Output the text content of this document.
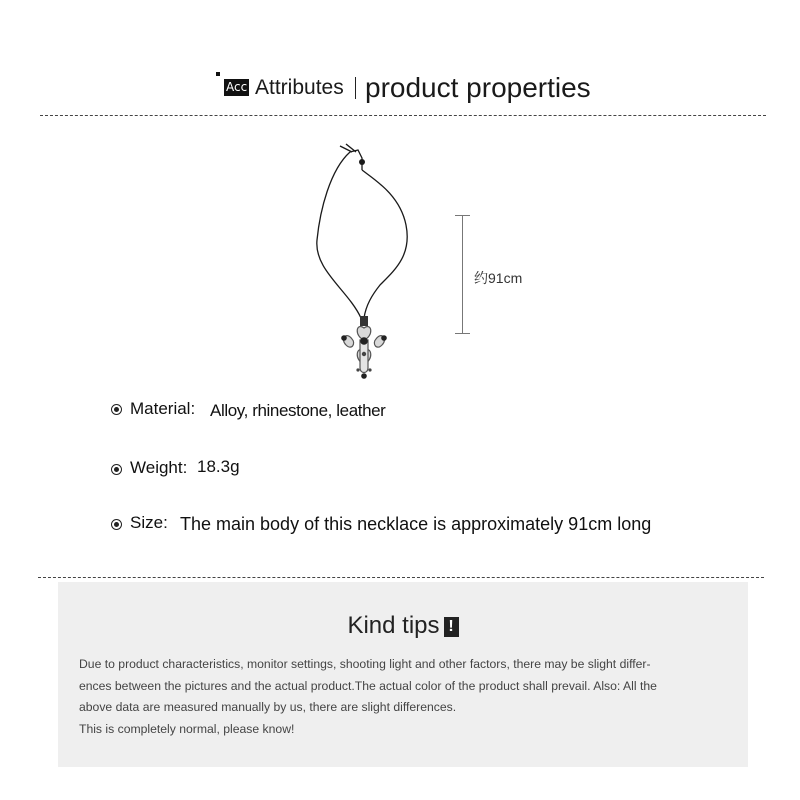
Acc Attributes product properties
约91cm
Material: Alloy, rhinestone, leather
Weight: 18.3g
Size: The main body of this necklace is approximately 91cm long
Kind tips !
Due to product characteristics, monitor settings, shooting light and other factors, there may be slight differ-
ences between the pictures and the actual product.The actual color of the product shall prevail. Also: All the
above data are measured manually by us, there are slight differences.
This is completely normal, please know!
